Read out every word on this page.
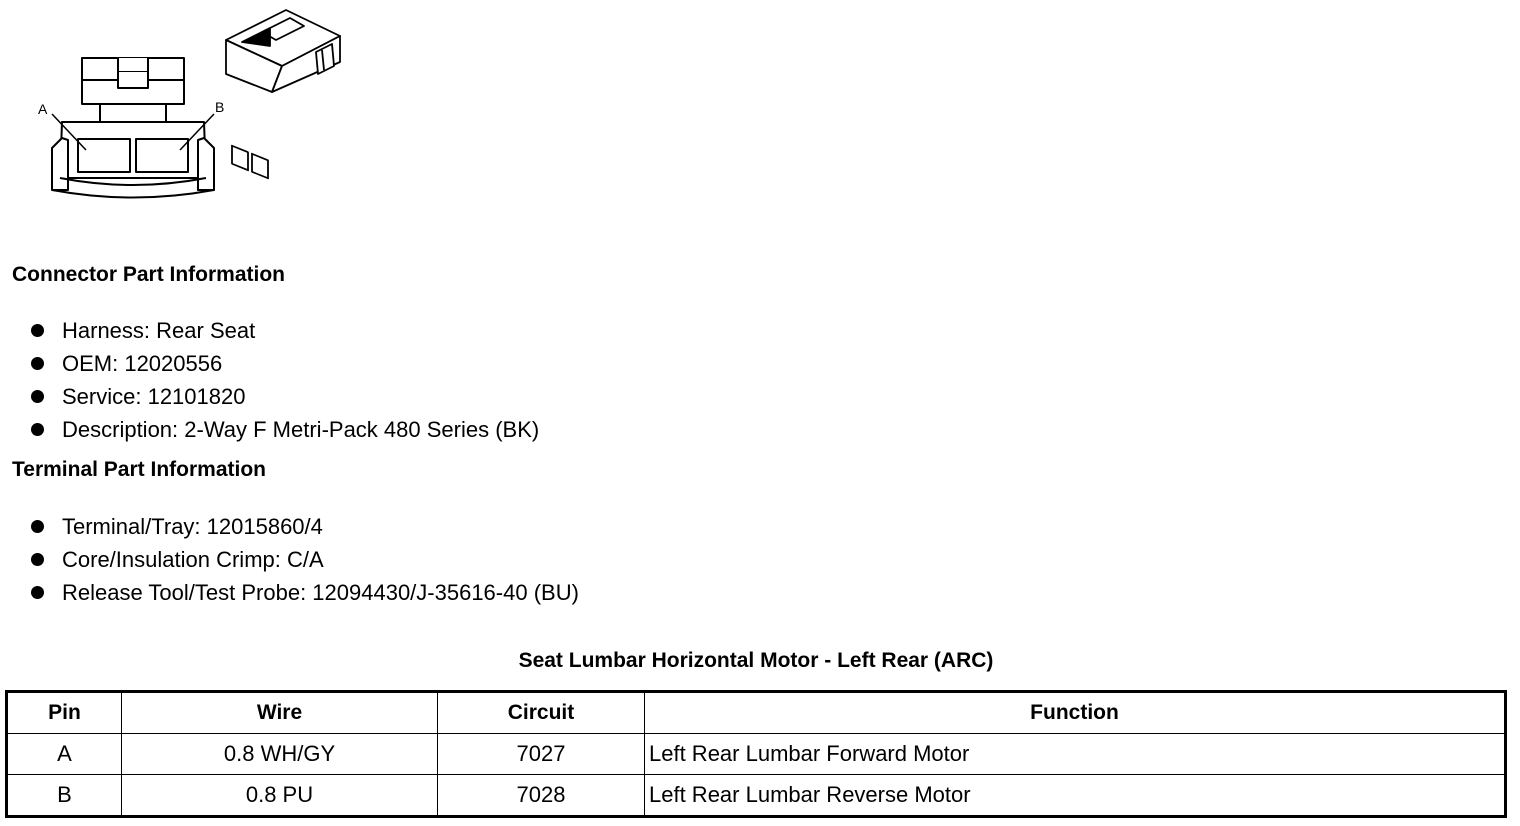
A	B
Connector Part Information
Harness: Rear Seat
OEM: 12020556
Service: 12101820
Description: 2-Way F Metri-Pack 480 Series (BK)
Terminal Part Information
Terminal/Tray: 12015860/4
Core/Insulation Crimp: C/A
Release Tool/Test Probe: 12094430/J-35616-40 (BU)
Seat Lumbar Horizontal Motor - Left Rear (ARC)
Pin	Wire	Circuit	Function
A	0.8 WH/GY	7027	Left Rear Lumbar Forward Motor
B	0.8 PU	7028	Left Rear Lumbar Reverse Motor
